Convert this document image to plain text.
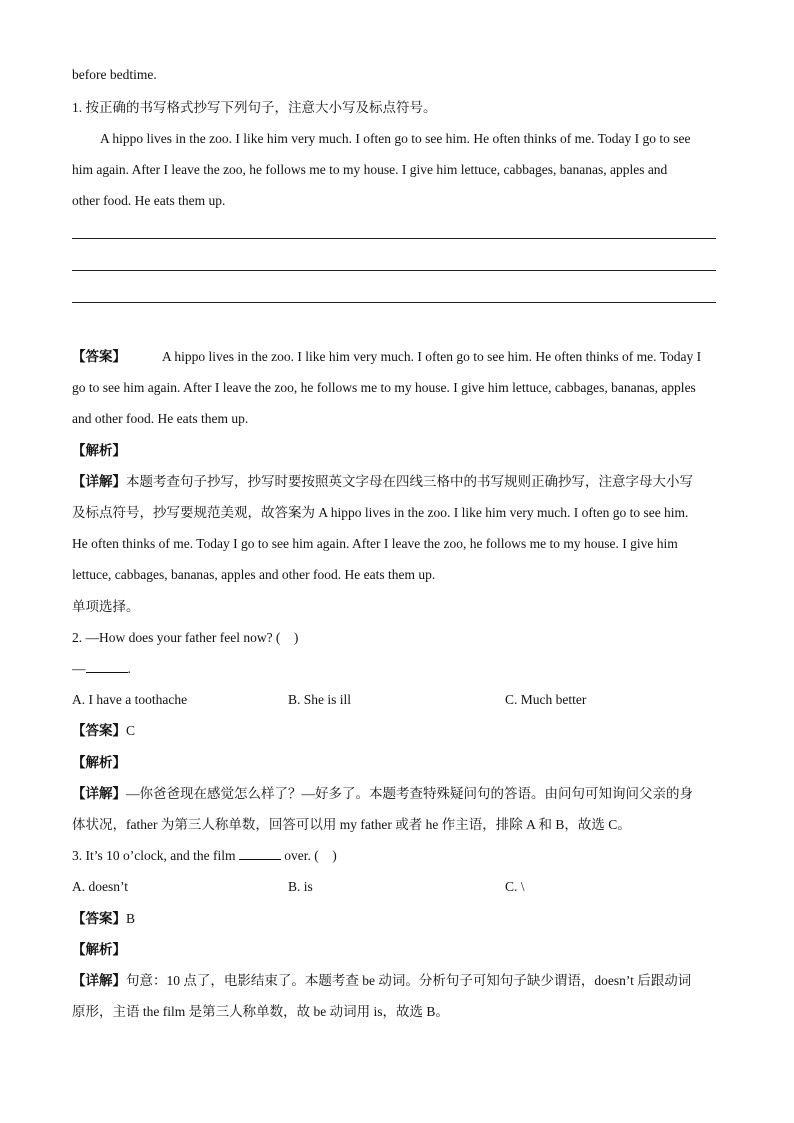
before bedtime.
1. 按正确的书写格式抄写下列句子，注意大小写及标点符号。
A hippo lives in the zoo. I like him very much. I often go to see him. He often thinks of me. Today I go to see
him again. After I leave the zoo, he follows me to my house. I give him lettuce, cabbages, bananas, apples and
other food. He eats them up.
【答案】	A hippo lives in the zoo. I like him very much. I often go to see him. He often thinks of me. Today I
go to see him again. After I leave the zoo, he follows me to my house. I give him lettuce, cabbages, bananas, apples
and other food. He eats them up.
【解析】
【详解】本题考查句子抄写，抄写时要按照英文字母在四线三格中的书写规则正确抄写，注意字母大小写
及标点符号，抄写要规范美观，故答案为 A hippo lives in the zoo. I like him very much. I often go to see him.
He often thinks of me. Today I go to see him again. After I leave the zoo, he follows me to my house. I give him
lettuce, cabbages, bananas, apples and other food. He eats them up.
单项选择。
2. —How does your father feel now? (    )
—	.
A. I have a toothache	B. She is ill	C. Much better
【答案】C
【解析】
【详解】—你爸爸现在感觉怎么样了？—好多了。本题考查特殊疑问句的答语。由问句可知询问父亲的身
体状况，father 为第三人称单数，回答可以用 my father 或者 he 作主语，排除 A 和 B，故选 C。
3. It’s 10 o’clock, and the film	over. (    )
A. doesn’t	B. is	C. \
【答案】B
【解析】
【详解】句意：10 点了，电影结束了。本题考查 be 动词。分析句子可知句子缺少谓语，doesn’t 后跟动词
原形，主语 the film 是第三人称单数，故 be 动词用 is，故选 B。
